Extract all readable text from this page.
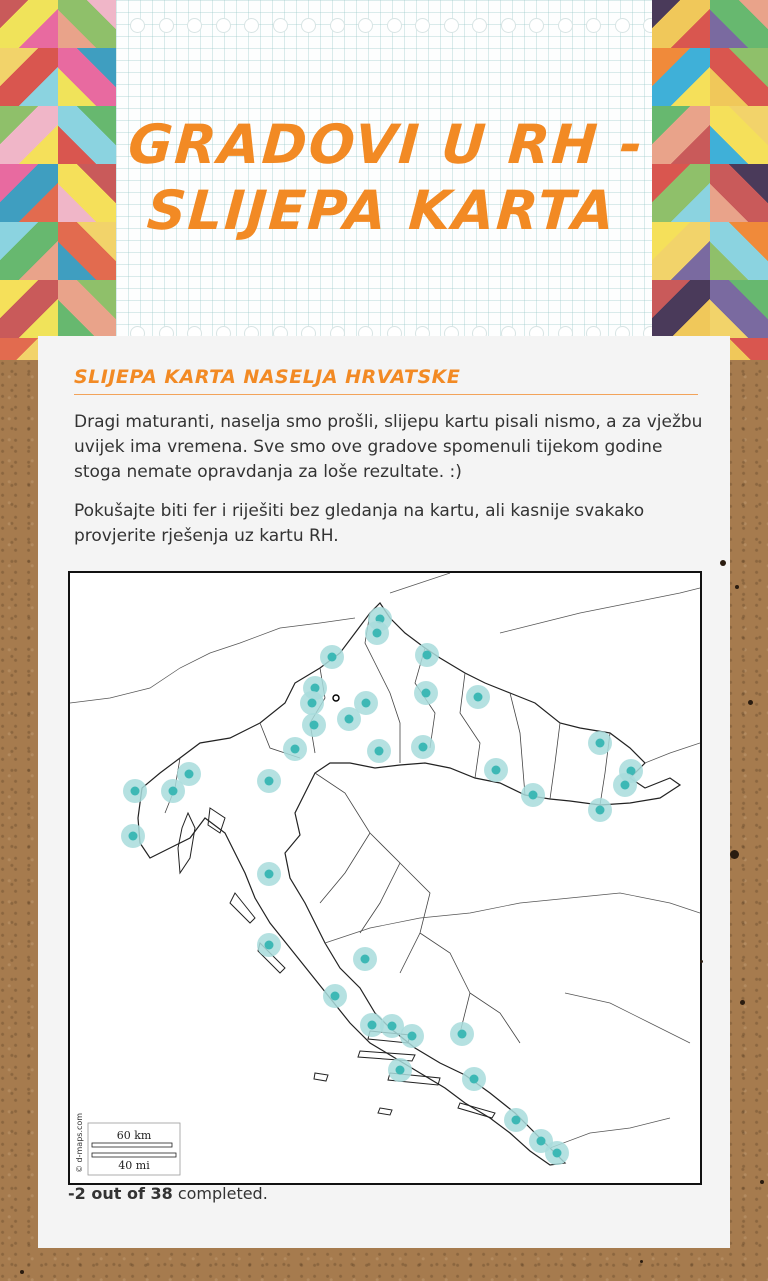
GRADOVI U RH -
SLIJEPA KARTA
SLIJEPA KARTA NASELJA HRVATSKE
Dragi maturanti, naselja smo prošli, slijepu kartu pisali nismo, a za vježbu uvijek ima vremena. Sve smo ove gradove spomenuli tijekom godine stoga nemate opravdanja za loše rezultate. :)
Pokušajte biti fer i riješiti bez gledanja na kartu, ali kasnije svakako provjerite rješenja uz kartu RH.
60 km
40 mi
© d-maps.com
-2 out of 38 completed.
